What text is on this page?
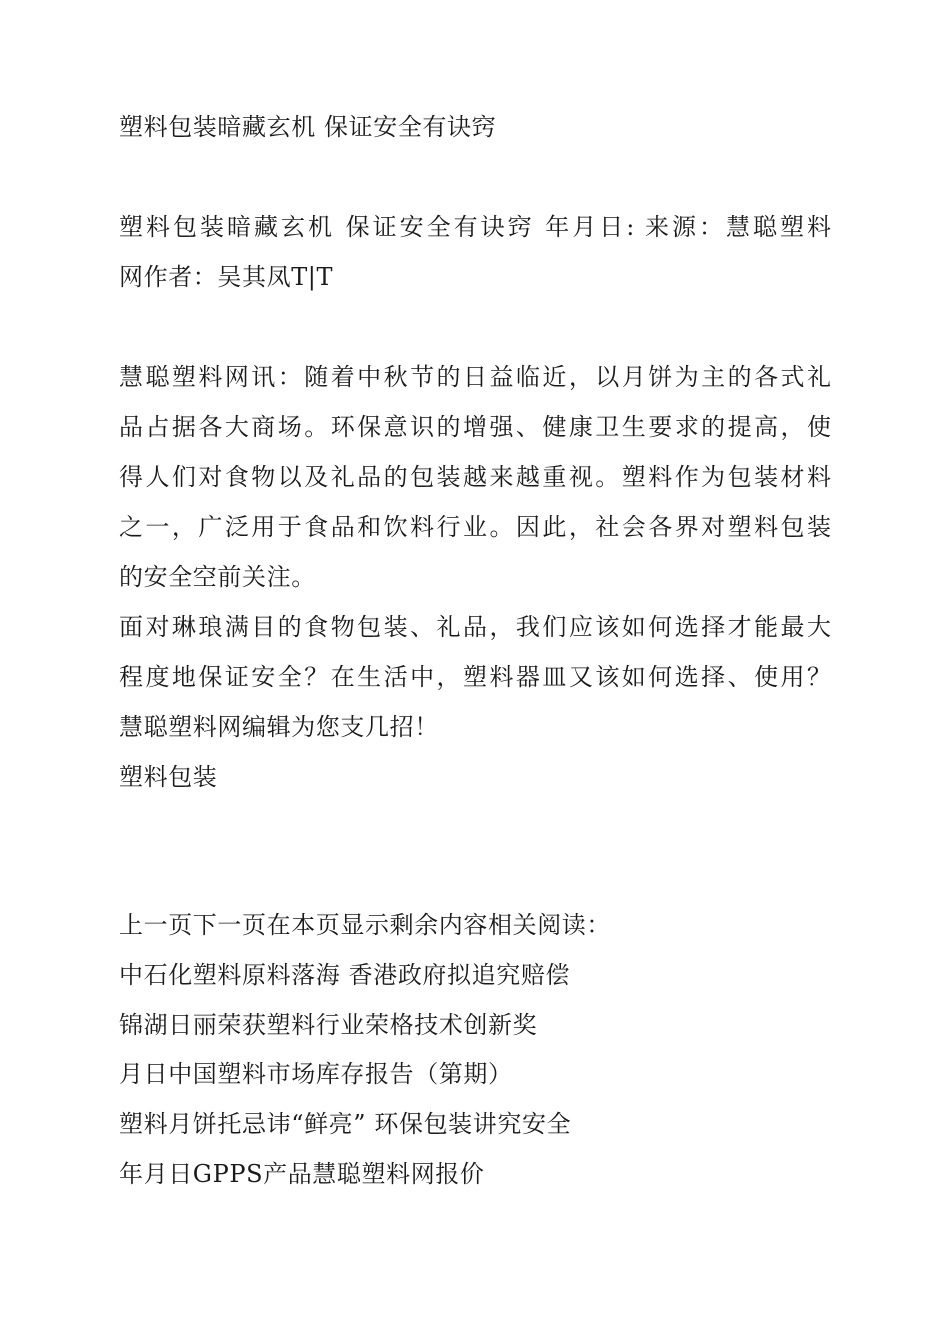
塑料包装暗藏玄机 保证安全有诀窍
塑料包装暗藏玄机 保证安全有诀窍 年月日: 来源：慧聪塑料
网作者：吴其凤T|T
慧聪塑料网讯：随着中秋节的日益临近，以月饼为主的各式礼
品占据各大商场。环保意识的增强、健康卫生要求的提高，使
得人们对食物以及礼品的包装越来越重视。塑料作为包装材料
之一，广泛用于食品和饮料行业。因此，社会各界对塑料包装
的安全空前关注。
面对琳琅满目的食物包装、礼品，我们应该如何选择才能最大
程度地保证安全？在生活中，塑料器皿又该如何选择、使用？
慧聪塑料网编辑为您支几招！
塑料包装
上一页下一页在本页显示剩余内容相关阅读：
中石化塑料原料落海 香港政府拟追究赔偿
锦湖日丽荣获塑料行业荣格技术创新奖
月日中国塑料市场库存报告（第期）
塑料月饼托忌讳“鲜亮” 环保包装讲究安全
年月日GPPS产品慧聪塑料网报价
